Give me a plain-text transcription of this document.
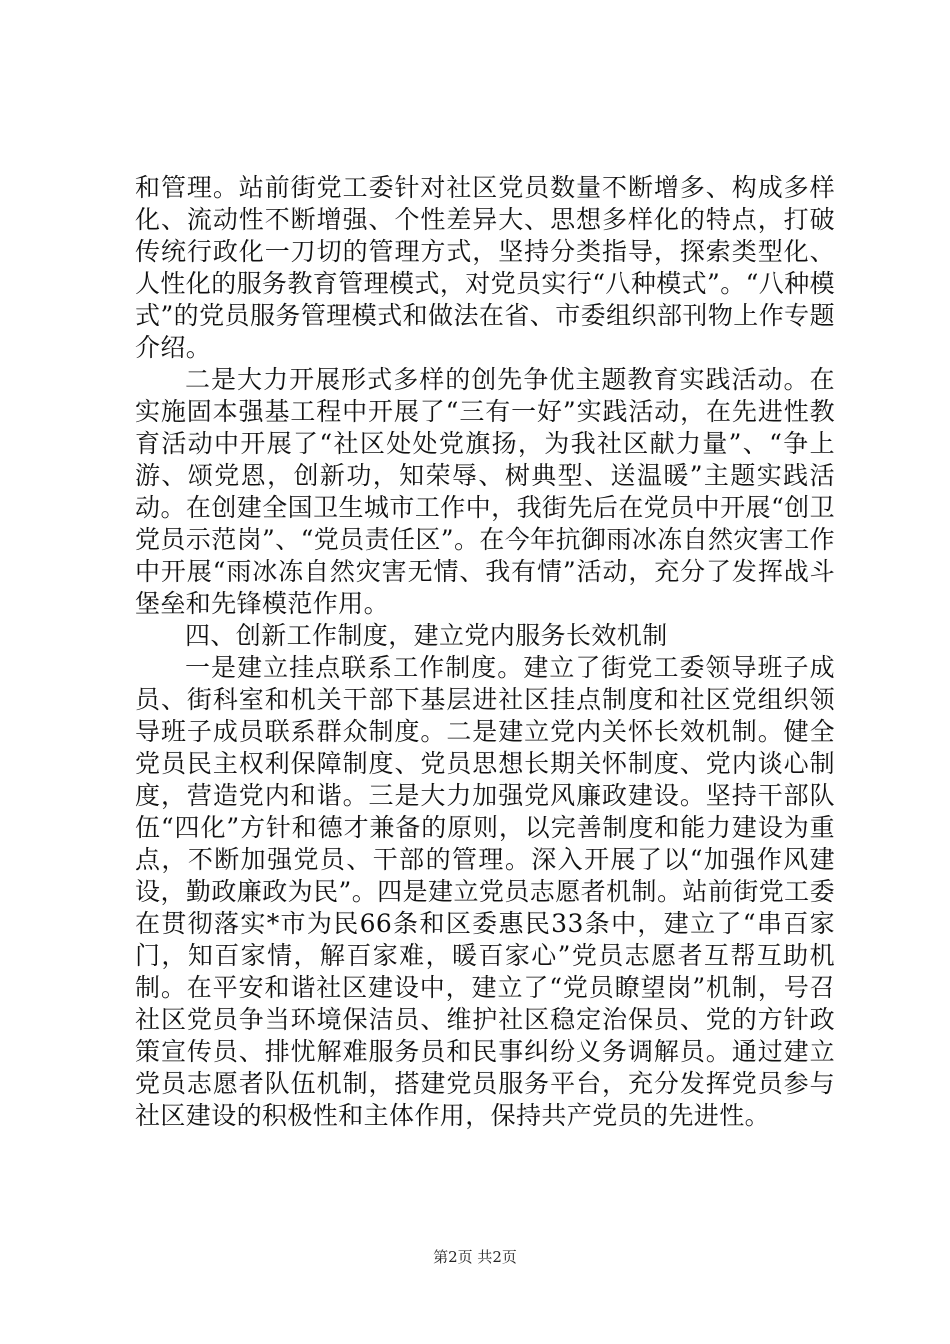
和管理。站前街党工委针对社区党员数量不断增多、构成多样化、流动性不断增强、个性差异大、思想多样化的特点，打破传统行政化一刀切的管理方式，坚持分类指导，探索类型化、人性化的服务教育管理模式，对党员实行“八种模式”。“八种模式”的党员服务管理模式和做法在省、市委组织部刊物上作专题介绍。

二是大力开展形式多样的创先争优主题教育实践活动。在实施固本强基工程中开展了“三有一好”实践活动，在先进性教育活动中开展了“社区处处党旗扬，为我社区献力量”、“争上游、颂党恩，创新功，知荣辱、树典型、送温暖”主题实践活动。在创建全国卫生城市工作中，我街先后在党员中开展“创卫党员示范岗”、“党员责任区”。在今年抗御雨冰冻自然灾害工作中开展“雨冰冻自然灾害无情、我有情”活动，充分了发挥战斗堡垒和先锋模范作用。

四、创新工作制度，建立党内服务长效机制

一是建立挂点联系工作制度。建立了街党工委领导班子成员、街科室和机关干部下基层进社区挂点制度和社区党组织领导班子成员联系群众制度。二是建立党内关怀长效机制。健全党员民主权利保障制度、党员思想长期关怀制度、党内谈心制度，营造党内和谐。三是大力加强党风廉政建设。坚持干部队伍“四化”方针和德才兼备的原则，以完善制度和能力建设为重点，不断加强党员、干部的管理。深入开展了以“加强作风建设，勤政廉政为民”。四是建立党员志愿者机制。站前街党工委在贯彻落实*市为民66条和区委惠民33条中，建立了“串百家门，知百家情，解百家难，暖百家心”党员志愿者互帮互助机制。在平安和谐社区建设中，建立了“党员瞭望岗”机制，号召社区党员争当环境保洁员、维护社区稳定治保员、党的方针政策宣传员、排忧解难服务员和民事纠纷义务调解员。通过建立党员志愿者队伍机制，搭建党员服务平台，充分发挥党员参与社区建设的积极性和主体作用，保持共产党员的先进性。

第2页 共2页
